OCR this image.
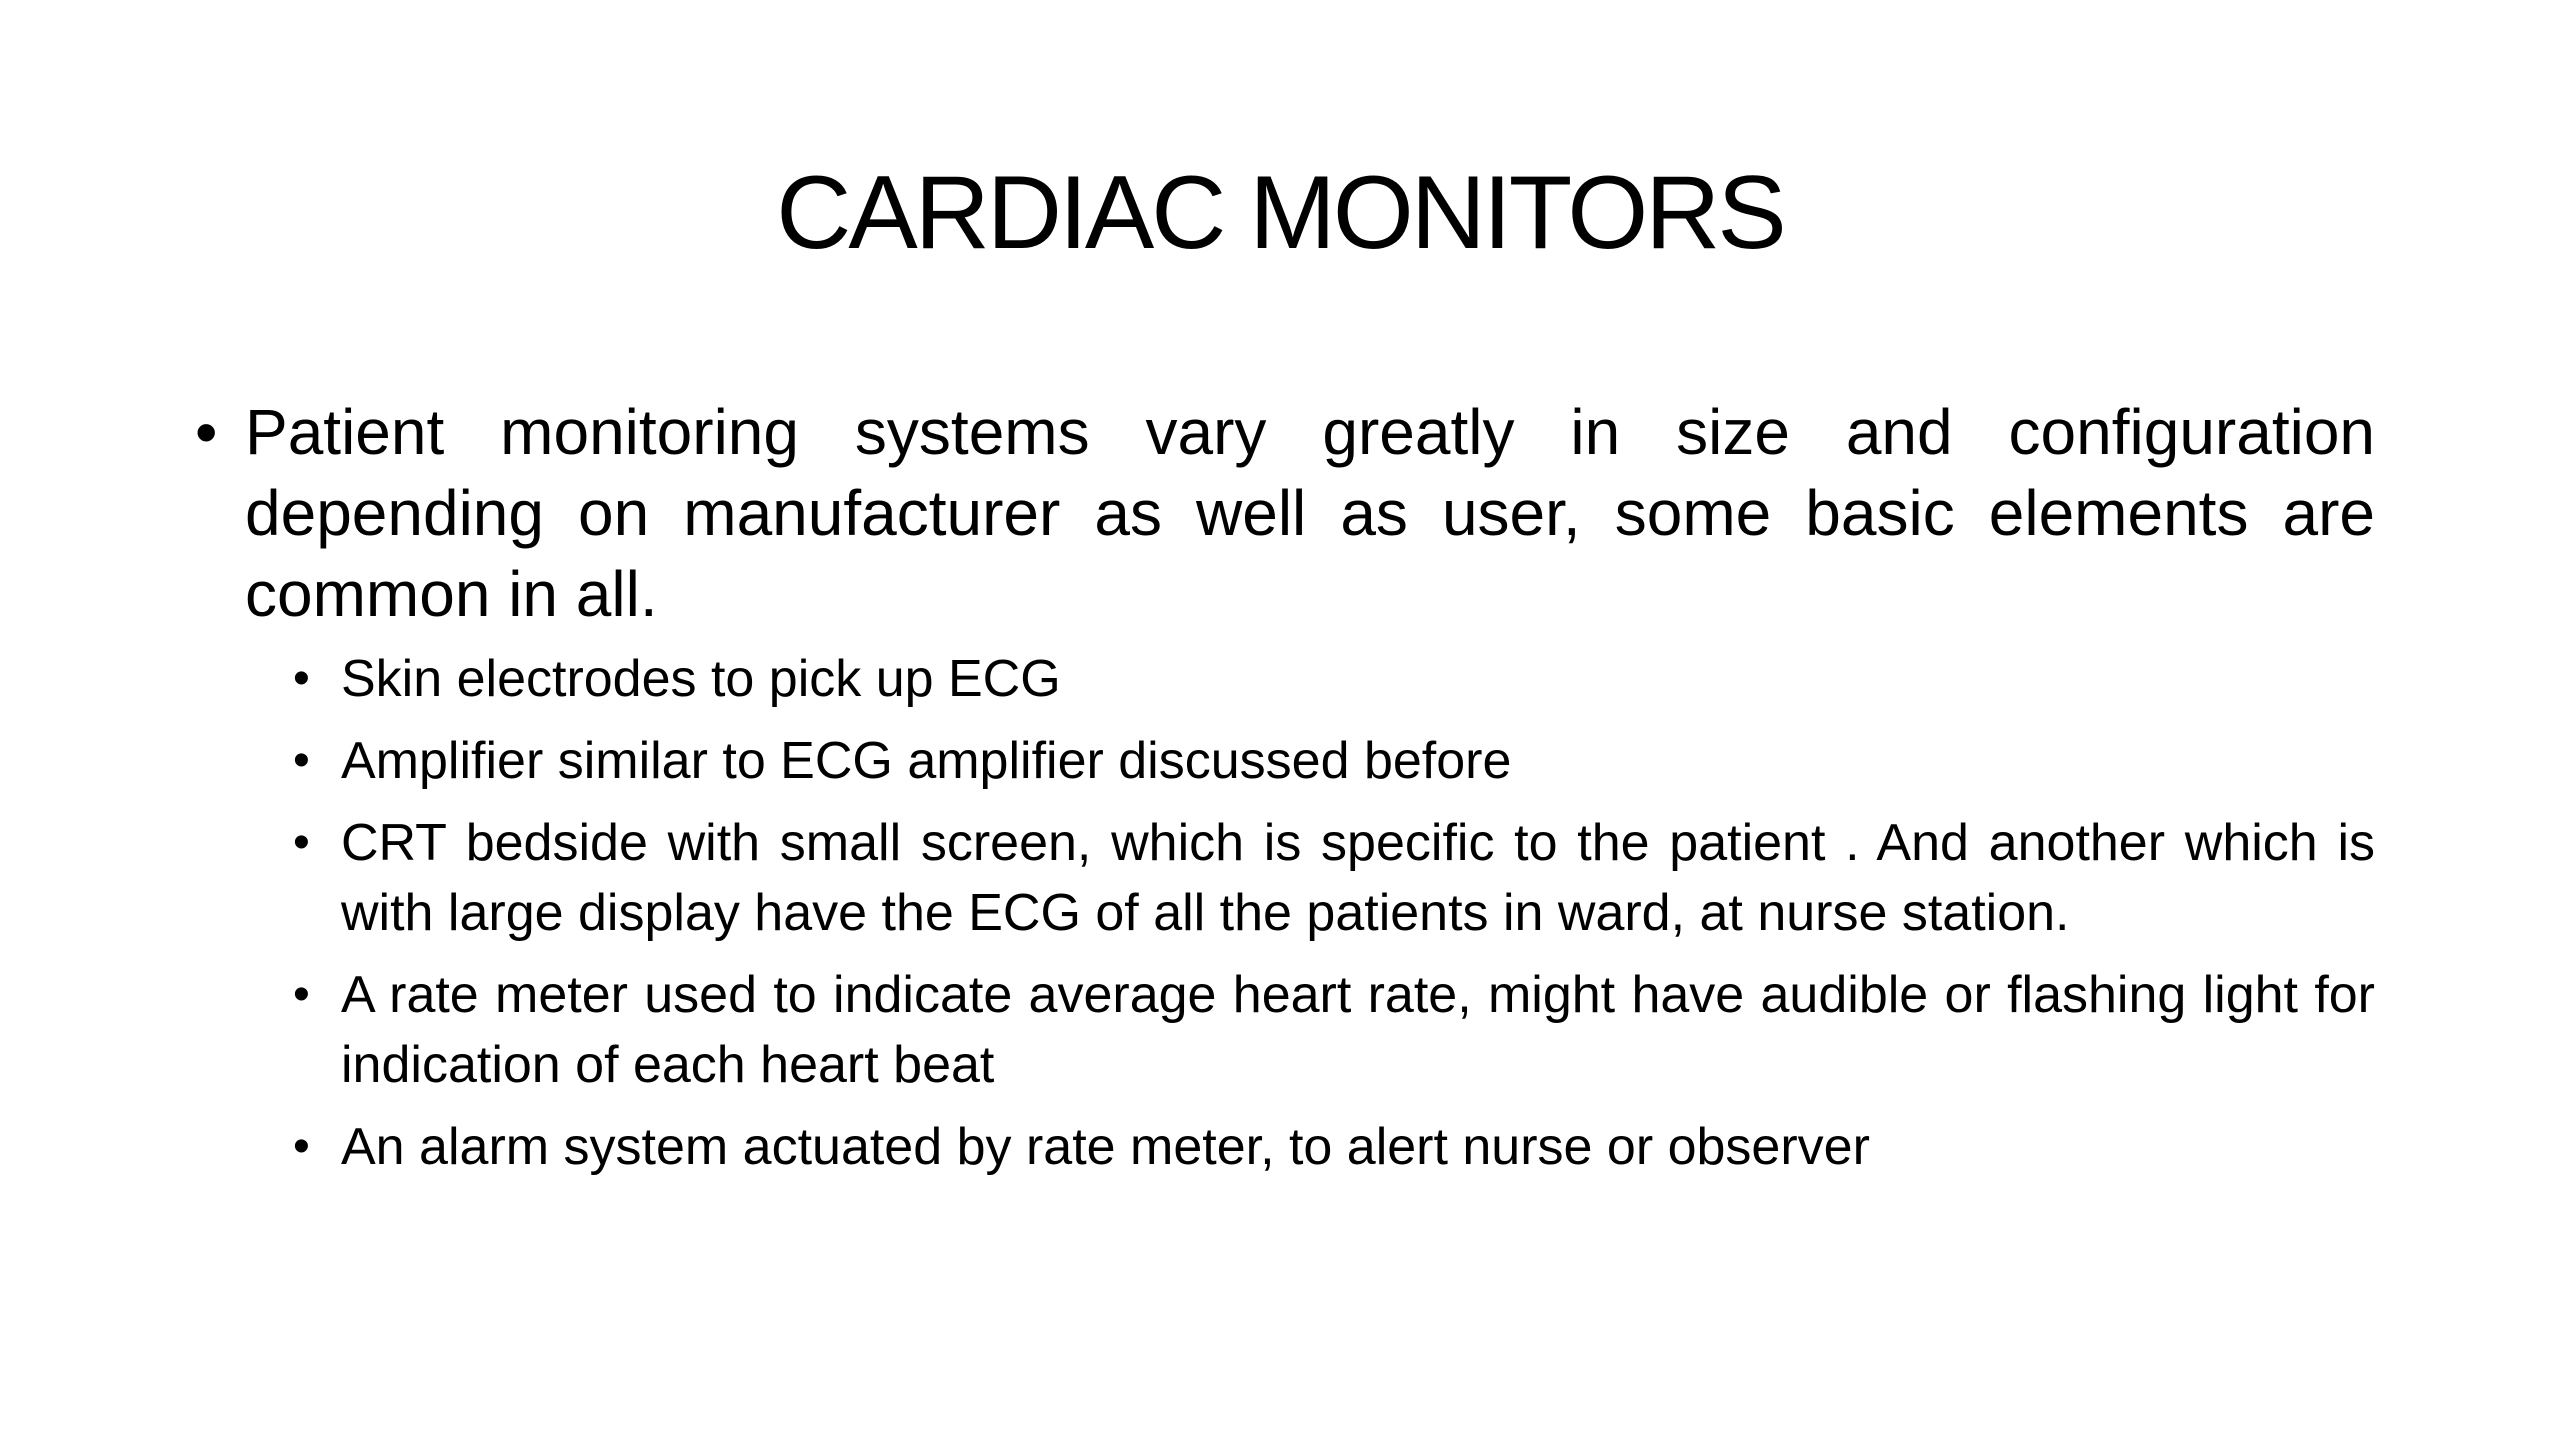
CARDIAC MONITORS
• Patient monitoring systems vary greatly in size and configuration depending on manufacturer as well as user, some basic elements are common in all.
• Skin electrodes to pick up ECG
• Amplifier similar to ECG amplifier discussed before
• CRT bedside with small screen, which is specific to the patient . And another which is with large display have the ECG of all the patients in ward, at nurse station.
• A rate meter used to indicate average heart rate, might have audible or flashing light for indication of each heart beat
• An alarm system actuated by rate meter, to alert nurse or observer
